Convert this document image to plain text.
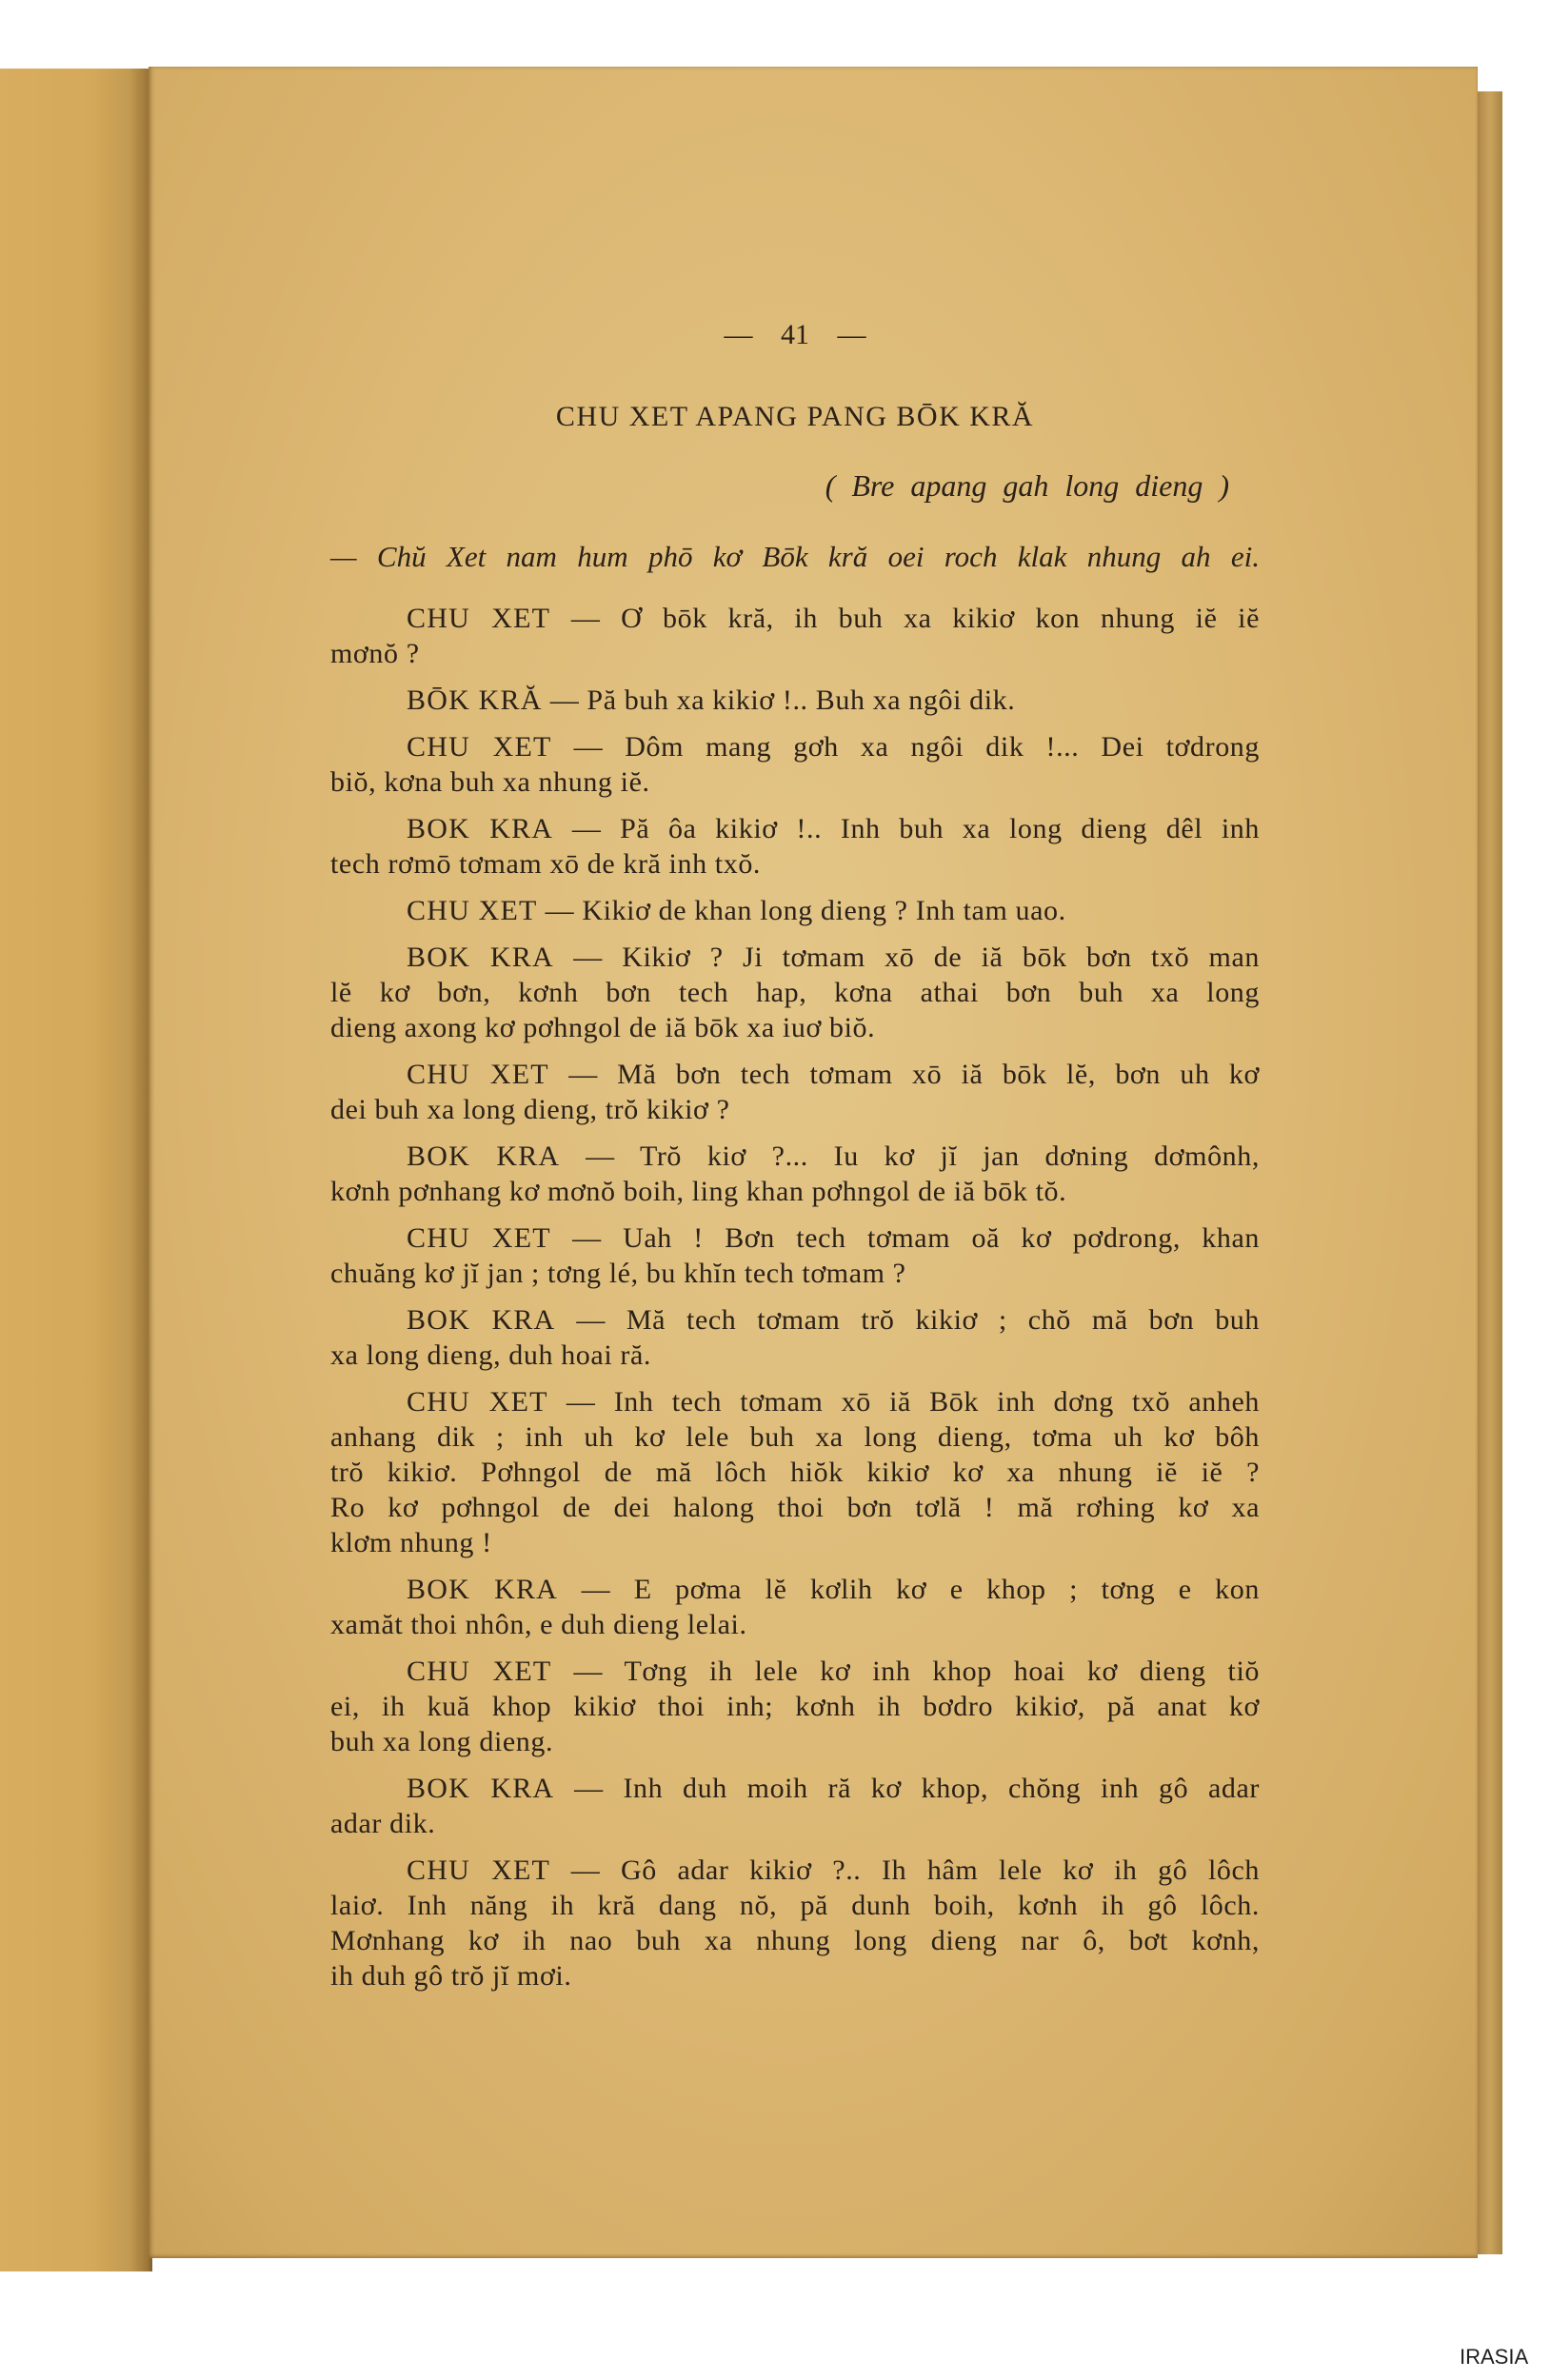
— 41 —
CHU XET APANG PANG BŌK KRĂ
( Bre apang gah long dieng )
— Chŭ Xet nam hum phō kơ Bōk kră oei roch klak nhung ah ei.
CHU XET — Ơ bōk kră, ih buh xa kikiơ kon nhung iĕ iĕ
mơnŏ ?
BŌK KRĂ — Pă buh xa kikiơ !.. Buh xa ngôi dik.
CHU XET — Dôm mang gơh xa ngôi dik !... Dei tơdrong
biŏ, kơna buh xa nhung iĕ.
BOK KRA — Pă ôa kikiơ !.. Inh buh xa long dieng dêl inh
tech rơmō tơmam xō de kră inh txŏ.
CHU XET — Kikiơ de khan long dieng ? Inh tam uao.
BOK KRA — Kikiơ ? Ji tơmam xō de iă bōk bơn txŏ man
lĕ kơ bơn, kơnh bơn tech hap, kơna athai bơn buh xa long
dieng axong kơ pơhngol de iă bōk xa iuơ biŏ.
CHU XET — Mă bơn tech tơmam xō iă bōk lĕ, bơn uh kơ
dei buh xa long dieng, trŏ kikiơ ?
BOK KRA — Trŏ kiơ ?... Iu kơ jĭ jan dơning dơmônh,
kơnh pơnhang kơ mơnŏ boih, ling khan pơhngol de iă bōk tŏ.
CHU XET — Uah ! Bơn tech tơmam oă kơ pơdrong, khan
chuăng kơ jĭ jan ; tơng lé, bu khĭn tech tơmam ?
BOK KRA — Mă tech tơmam trŏ kikiơ ; chŏ mă bơn buh
xa long dieng, duh hoai ră.
CHU XET — Inh tech tơmam xō iă Bōk inh dơng txŏ anheh
anhang dik ; inh uh kơ lele buh xa long dieng, tơma uh kơ bôh
trŏ kikiơ. Pơhngol de mă lôch hiŏk kikiơ kơ xa nhung iĕ iĕ ?
Ro kơ pơhngol de dei halong thoi bơn tơlă ! mă rơhing kơ xa
klơm nhung !
BOK KRA — E pơma lĕ kơlih kơ e khop ; tơng e kon
xamăt thoi nhôn, e duh dieng lelai.
CHU XET — Tơng ih lele kơ inh khop hoai kơ dieng tiŏ
ei, ih kuă khop kikiơ thoi inh; kơnh ih bơdro kikiơ, pă anat kơ
buh xa long dieng.
BOK KRA — Inh duh moih ră kơ khop, chŏng inh gô adar
adar dik.
CHU XET — Gô adar kikiơ ?.. Ih hâm lele kơ ih gô lôch
laiơ. Inh năng ih kră dang nŏ, pă dunh boih, kơnh ih gô lôch.
Mơnhang kơ ih nao buh xa nhung long dieng nar ô, bơt kơnh,
ih duh gô trŏ jĭ mơi.
IRASIA
